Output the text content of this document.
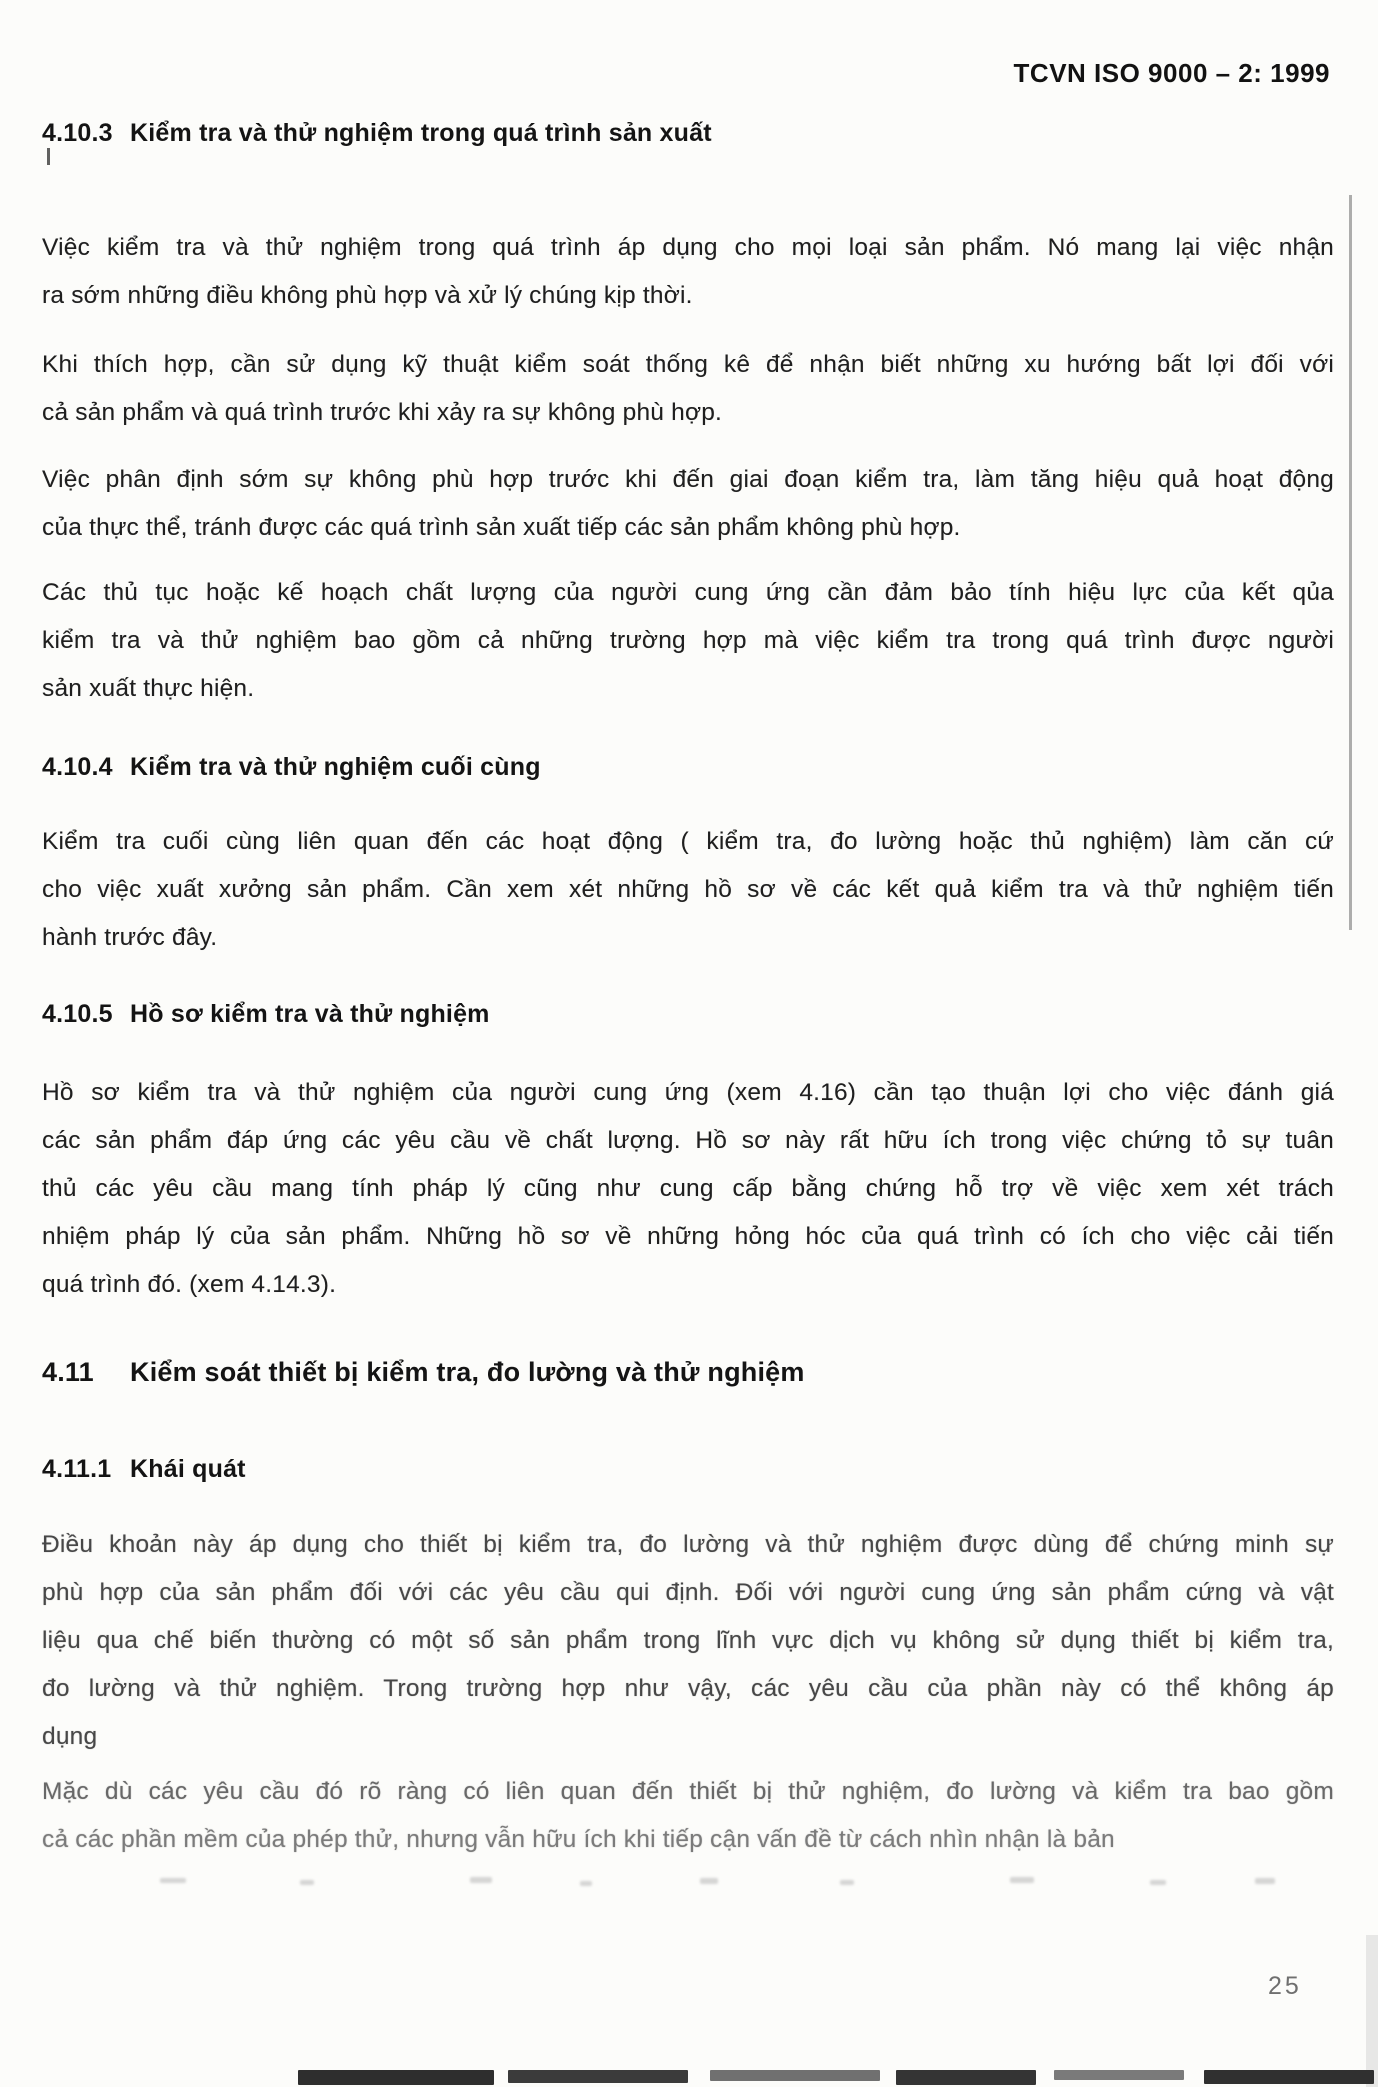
TCVN ISO 9000 – 2: 1999
4.10.3 Kiểm tra và thử nghiệm trong quá trình sản xuất
Việc kiểm tra và thử nghiệm trong quá trình áp dụng cho mọi loại sản phẩm. Nó mang lại việc nhận
ra sớm những điều không phù hợp và xử lý chúng kịp thời.
Khi thích hợp, cần sử dụng kỹ thuật kiểm soát thống kê để nhận biết những xu hướng bất lợi đối với
cả sản phẩm và quá trình trước khi xảy ra sự không phù hợp.
Việc phân định sớm sự không phù hợp trước khi đến giai đoạn kiểm tra, làm tăng hiệu quả hoạt động
của thực thể, tránh được các quá trình sản xuất tiếp các sản phẩm không phù hợp.
Các thủ tục hoặc kế hoạch chất lượng của người cung ứng cần đảm bảo tính hiệu lực của kết qủa
kiểm tra và thử nghiệm bao gồm cả những trường hợp mà việc kiểm tra trong quá trình được người
sản xuất thực hiện.
4.10.4 Kiểm tra và thử nghiệm cuối cùng
Kiểm tra cuối cùng liên quan đến các hoạt động ( kiểm tra, đo lường hoặc thủ nghiệm) làm căn cứ
cho việc xuất xưởng sản phẩm. Cần xem xét những hồ sơ về các kết quả kiểm tra và thử nghiệm tiến
hành trước đây.
4.10.5 Hồ sơ kiểm tra và thử nghiệm
Hồ sơ kiểm tra và thử nghiệm của người cung ứng (xem 4.16) cần tạo thuận lợi cho việc đánh giá
các sản phẩm đáp ứng các yêu cầu về chất lượng. Hồ sơ này rất hữu ích trong việc chứng tỏ sự tuân
thủ các yêu cầu mang tính pháp lý cũng như cung cấp bằng chứng hỗ trợ về việc xem xét trách
nhiệm pháp lý của sản phẩm. Những hồ sơ về những hỏng hóc của quá trình có ích cho việc cải tiến
quá trình đó. (xem 4.14.3).
4.11 Kiểm soát thiết bị kiểm tra, đo lường và thử nghiệm
4.11.1 Khái quát
Điều khoản này áp dụng cho thiết bị kiểm tra, đo lường và thử nghiệm được dùng để chứng minh sự
phù hợp của sản phẩm đối với các yêu cầu qui định. Đối với người cung ứng sản phẩm cứng và vật
liệu qua chế biến thường có một số sản phẩm trong lĩnh vực dịch vụ không sử dụng thiết bị kiểm tra,
đo lường và thử nghiệm. Trong trường hợp như vậy, các yêu cầu của phần này có thể không áp
dụng
Mặc dù các yêu cầu đó rõ ràng có liên quan đến thiết bị thử nghiệm, đo lường và kiểm tra bao gồm
cả các phần mềm của phép thử, nhưng vẫn hữu ích khi tiếp cận vấn đề từ cách nhìn nhận là bản
25
